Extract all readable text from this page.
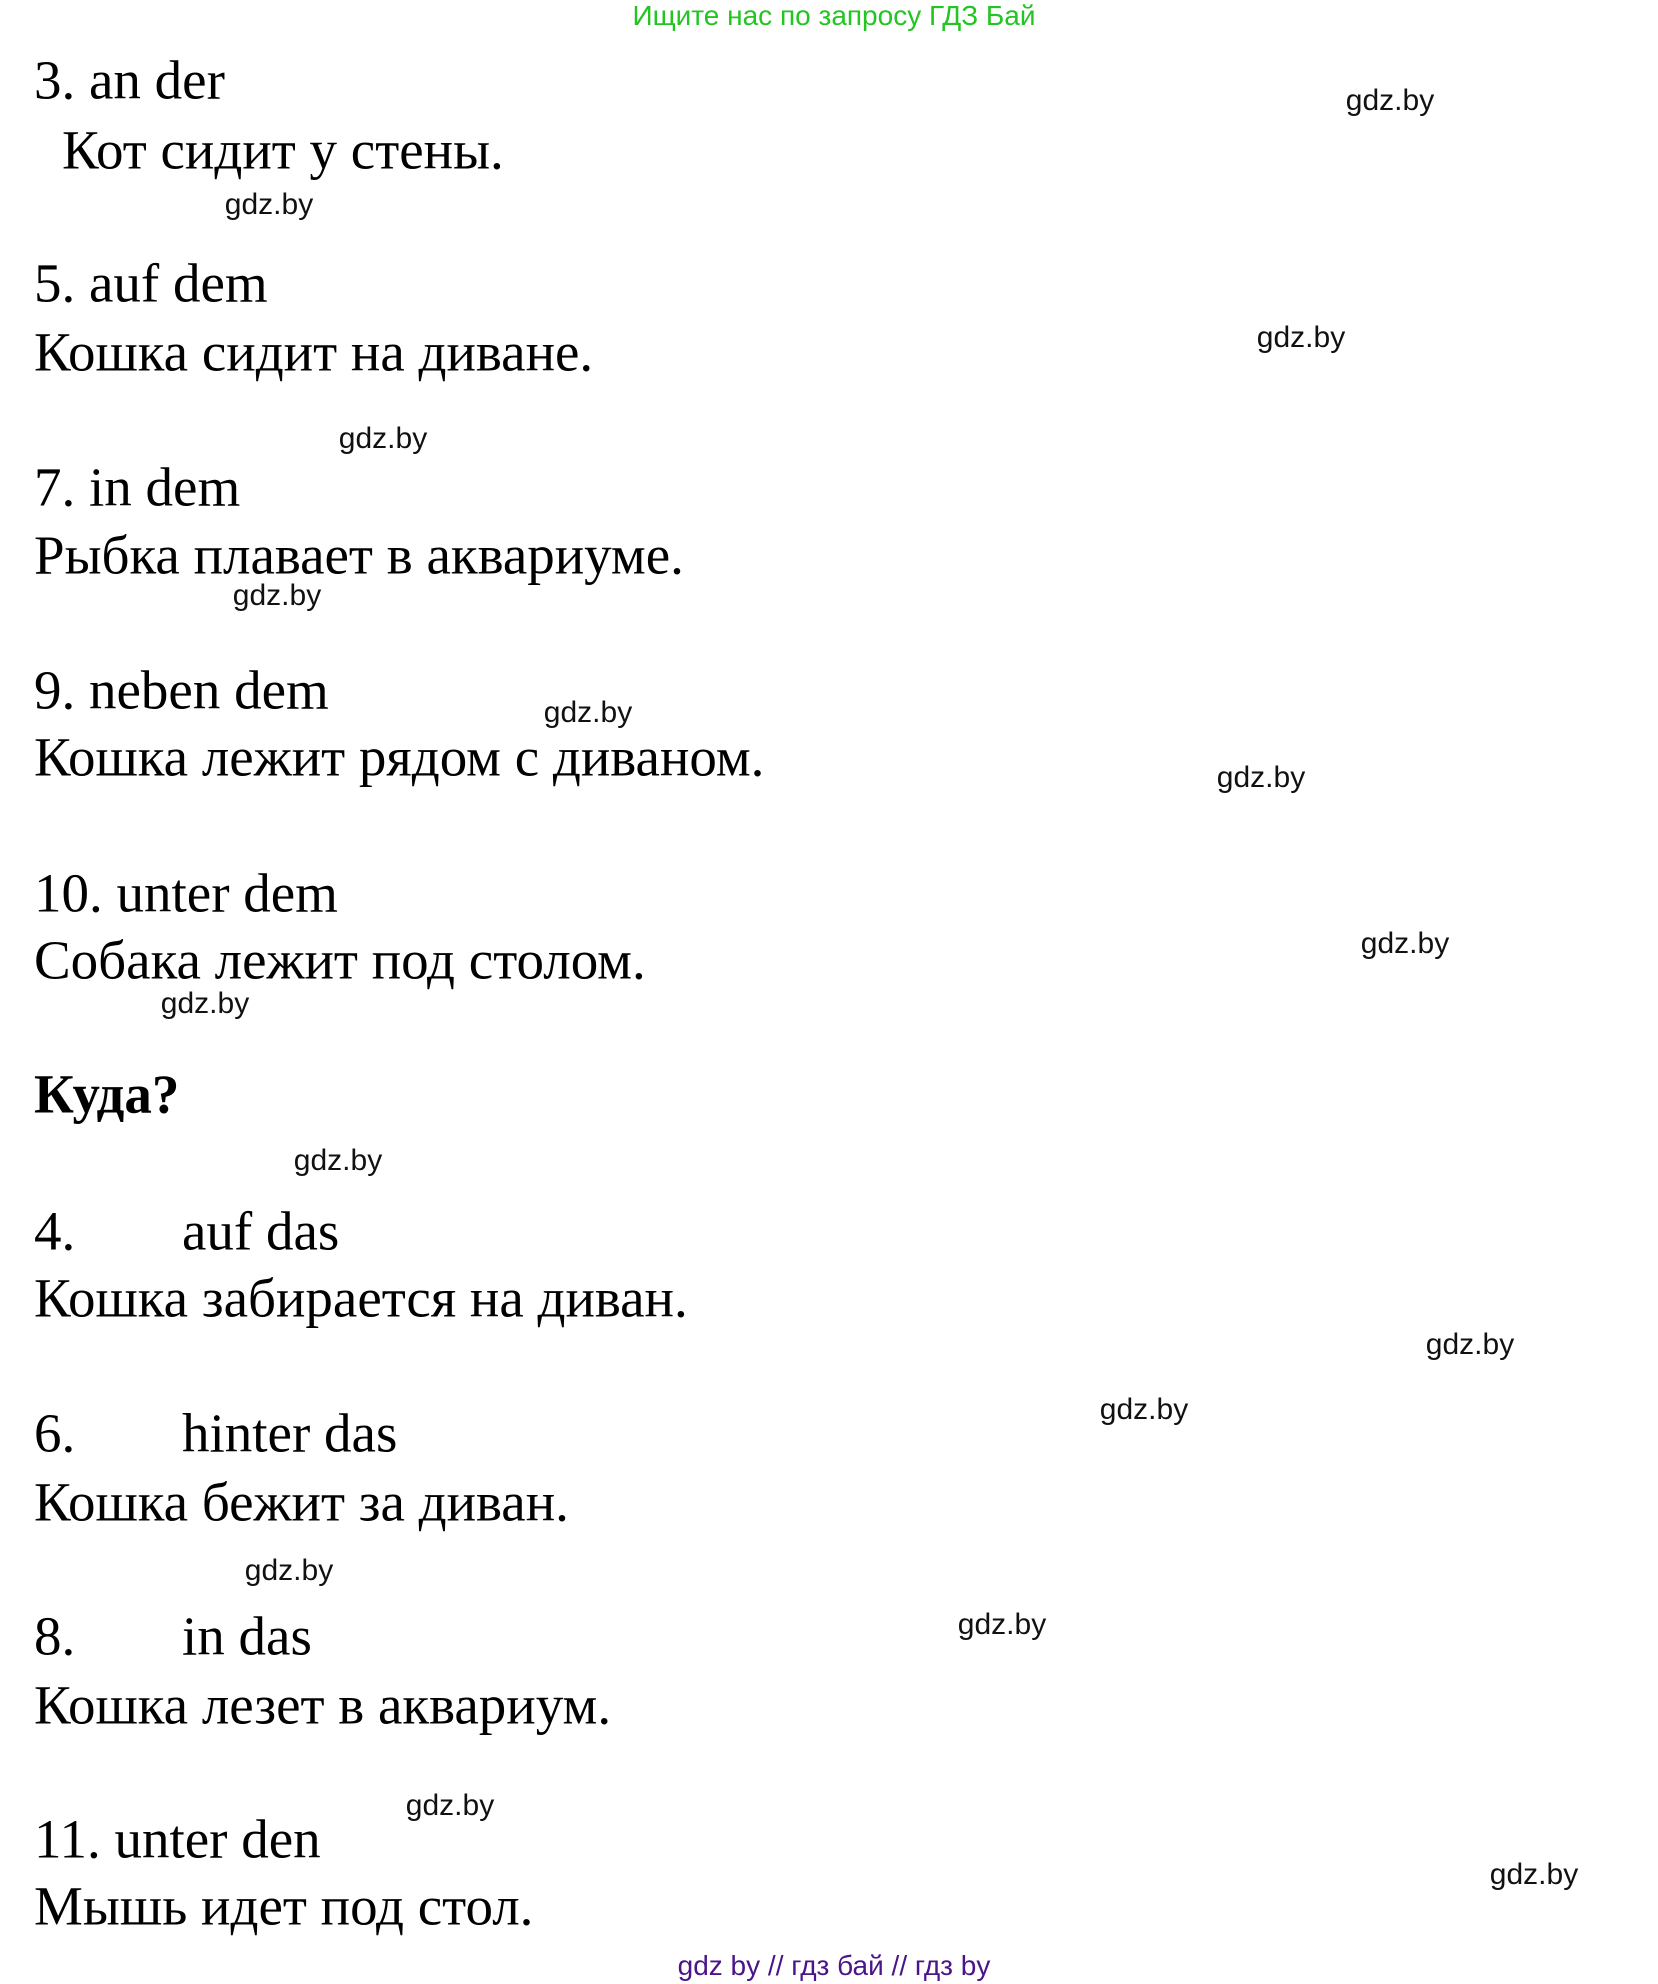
Ищите нас по запросу ГДЗ Бай
3. an der
Кот сидит у стены.
5. auf dem
Кошка сидит на диване.
7. in dem
Рыбка плавает в аквариуме.
9. neben dem
Кошка лежит рядом с диваном.
10. unter dem
Собака лежит под столом.
Куда?
4. auf das
Кошка забирается на диван.
6. hinter das
Кошка бежит за диван.
8. in das
Кошка лезет в аквариум.
11. unter den
Мышь идет под стол.
gdz.by
gdz.by
gdz.by
gdz.by
gdz.by
gdz.by
gdz.by
gdz.by
gdz.by
gdz.by
gdz.by
gdz.by
gdz.by
gdz.by
gdz.by
gdz.by
gdz by // гдз бай // гдз by
